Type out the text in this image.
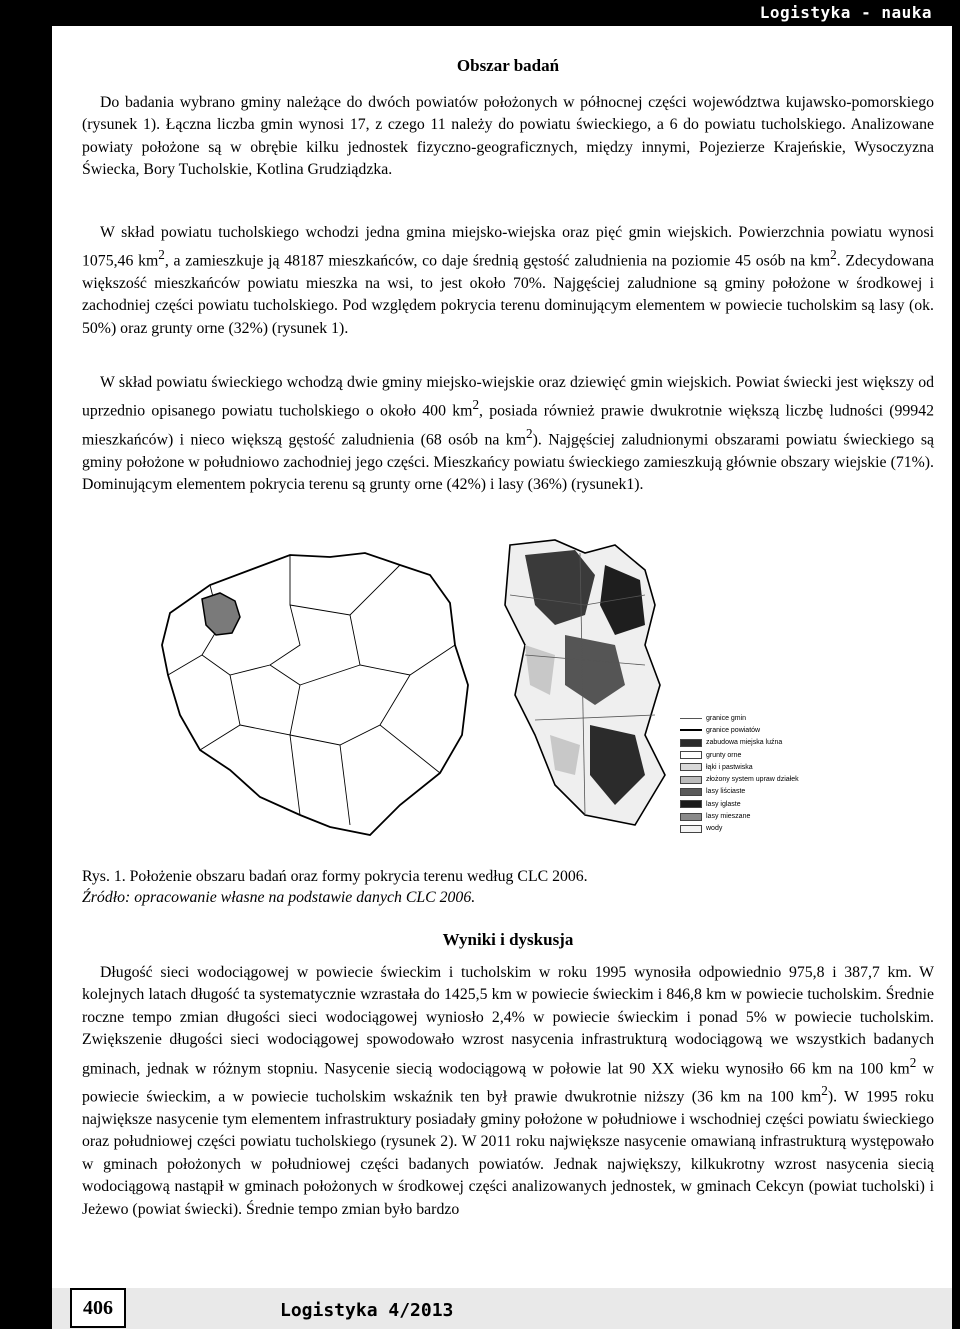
Logistyka - nauka
Obszar badań
Do badania wybrano gminy należące do dwóch powiatów położonych w północnej części województwa kujawsko-pomorskiego (rysunek 1). Łączna liczba gmin wynosi 17, z czego 11 należy do powiatu świeckiego, a 6 do powiatu tucholskiego. Analizowane powiaty położone są w obrębie kilku jednostek fizyczno-geograficznych, między innymi, Pojezierze Krajeńskie, Wysoczyzna Świecka, Bory Tucholskie, Kotlina Grudziądzka.
W skład powiatu tucholskiego wchodzi jedna gmina miejsko-wiejska oraz pięć gmin wiejskich. Powierzchnia powiatu wynosi 1075,46 $km^2$, a zamieszkuje ją 48187 mieszkańców, co daje średnią gęstość zaludnienia na poziomie 45 osób na $km^2$. Zdecydowana większość mieszkańców powiatu mieszka na wsi, to jest około 70%. Najgęściej zaludnione są gminy położone w środkowej i zachodniej części powiatu tucholskiego. Pod względem pokrycia terenu dominującym elementem w powiecie tucholskim są lasy (ok. 50%) oraz grunty orne (32%) (rysunek 1).
W skład powiatu świeckiego wchodzą dwie gminy miejsko-wiejskie oraz dziewięć gmin wiejskich. Powiat świecki jest większy od uprzednio opisanego powiatu tucholskiego o około 400 $km^2$, posiada również prawie dwukrotnie większą liczbę ludności (99942 mieszkańców) i nieco większą gęstość zaludnienia (68 osób na $km^2$). Najgęściej zaludnionymi obszarami powiatu świeckiego są gminy położone w południowo zachodniej jego części. Mieszkańcy powiatu świeckiego zamieszkują głównie obszary wiejskie (71%). Dominującym elementem pokrycia terenu są grunty orne (42%) i lasy (36%) (rysunek1).
granice gmin
granice powiatów
zabudowa miejska luźna
grunty orne
łąki i pastwiska
złożony system upraw działek
lasy liściaste
lasy iglaste
lasy mieszane
wody
Rys. 1. Położenie obszaru badań oraz formy pokrycia terenu według CLC 2006.
Źródło: opracowanie własne na podstawie danych CLC 2006.
Wyniki i dyskusja
Długość sieci wodociągowej w powiecie świeckim i tucholskim w roku 1995 wynosiła odpowiednio 975,8 i 387,7 km. W kolejnych latach długość ta systematycznie wzrastała do 1425,5 km w powiecie świeckim i 846,8 km w powiecie tucholskim. Średnie roczne tempo zmian długości sieci wodociągowej wyniosło 2,4% w powiecie świeckim i ponad 5% w powiecie tucholskim. Zwiększenie długości sieci wodociągowej spowodowało wzrost nasycenia infrastrukturą wodociągową we wszystkich badanych gminach, jednak w różnym stopniu. Nasycenie siecią wodociągową w połowie lat 90 XX wieku wynosiło 66 km na 100 $km^2$ w powiecie świeckim, a w powiecie tucholskim wskaźnik ten był prawie dwukrotnie niższy (36 km na 100 $km^2$). W 1995 roku największe nasycenie tym elementem infrastruktury posiadały gminy położone w południowe i wschodniej części powiatu świeckiego oraz południowej części powiatu tucholskiego (rysunek 2). W 2011 roku największe nasycenie omawianą infrastrukturą występowało w gminach położonych w południowej części badanych powiatów. Jednak największy, kilkukrotny wzrost nasycenia siecią wodociągową nastąpił w gminach położonych w środkowej części analizowanych jednostek, w gminach Cekcyn (powiat tucholski) i Jeżewo (powiat świecki). Średnie tempo zmian było bardzo
406	Logistyka 4/2013
